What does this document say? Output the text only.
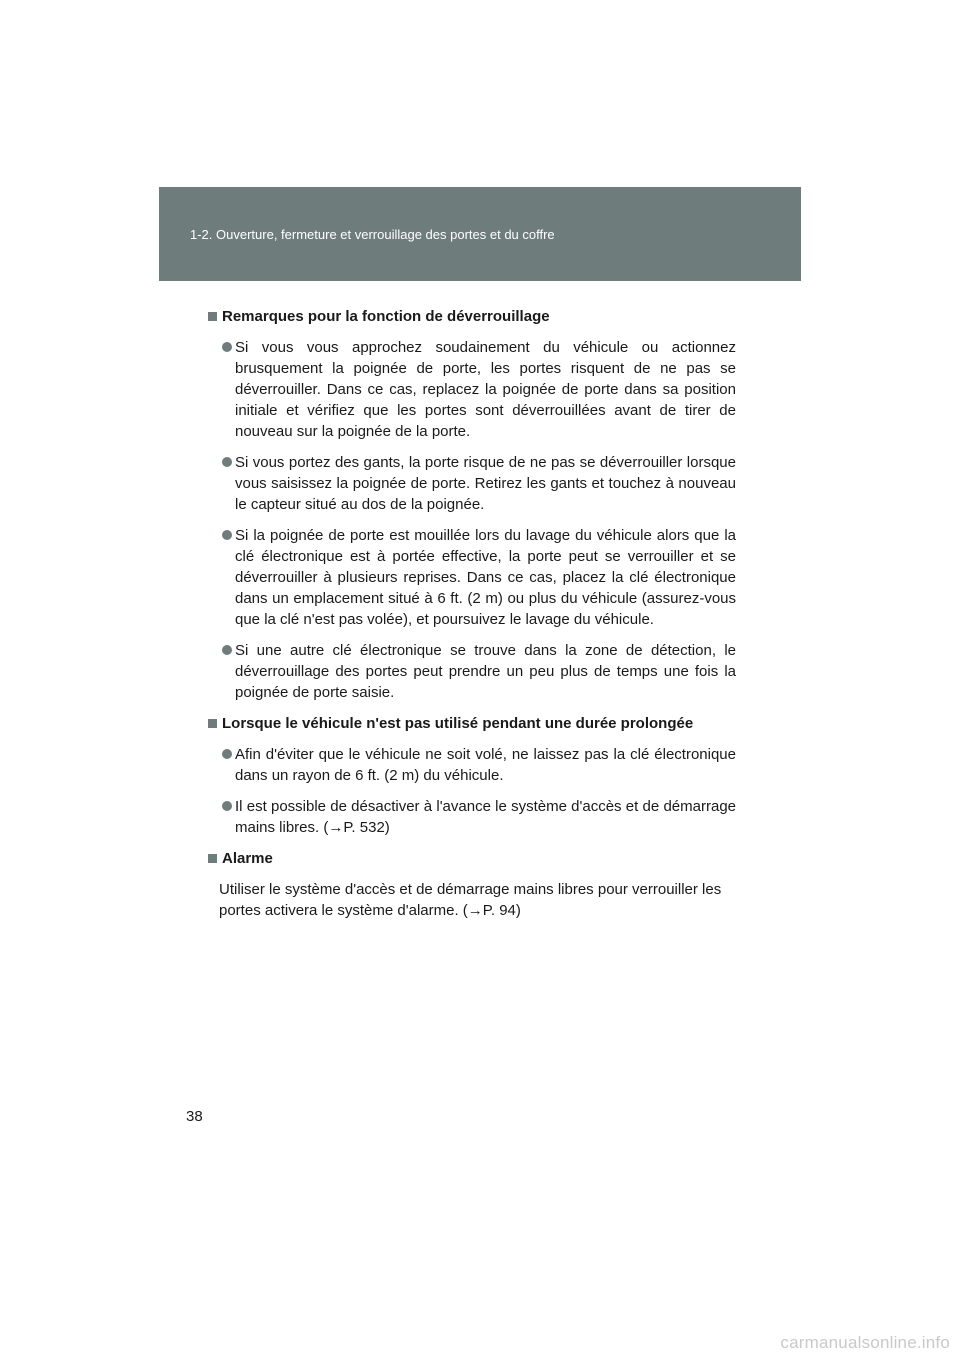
1-2. Ouverture, fermeture et verrouillage des portes et du coffre
Remarques pour la fonction de déverrouillage
Si vous vous approchez soudainement du véhicule ou actionnez brusquement la poignée de porte, les portes risquent de ne pas se déverrouiller. Dans ce cas, replacez la poignée de porte dans sa position initiale et vérifiez que les portes sont déverrouillées avant de tirer de nouveau sur la poignée de la porte.
Si vous portez des gants, la porte risque de ne pas se déverrouiller lorsque vous saisissez la poignée de porte. Retirez les gants et touchez à nouveau le capteur situé au dos de la poignée.
Si la poignée de porte est mouillée lors du lavage du véhicule alors que la clé électronique est à portée effective, la porte peut se verrouiller et se déverrouiller à plusieurs reprises. Dans ce cas, placez la clé électronique dans un emplacement situé à 6 ft. (2 m) ou plus du véhicule (assurez-vous que la clé n'est pas volée), et poursuivez le lavage du véhicule.
Si une autre clé électronique se trouve dans la zone de détection, le déverrouillage des portes peut prendre un peu plus de temps une fois la poignée de porte saisie.
Lorsque le véhicule n'est pas utilisé pendant une durée prolongée
Afin d'éviter que le véhicule ne soit volé, ne laissez pas la clé électronique dans un rayon de 6 ft. (2 m) du véhicule.
Il est possible de désactiver à l'avance le système d'accès et de démarrage mains libres. (→P. 532)
Alarme
Utiliser le système d'accès et de démarrage mains libres pour verrouiller les portes activera le système d'alarme. (→P. 94)
38
carmanualsonline.info
